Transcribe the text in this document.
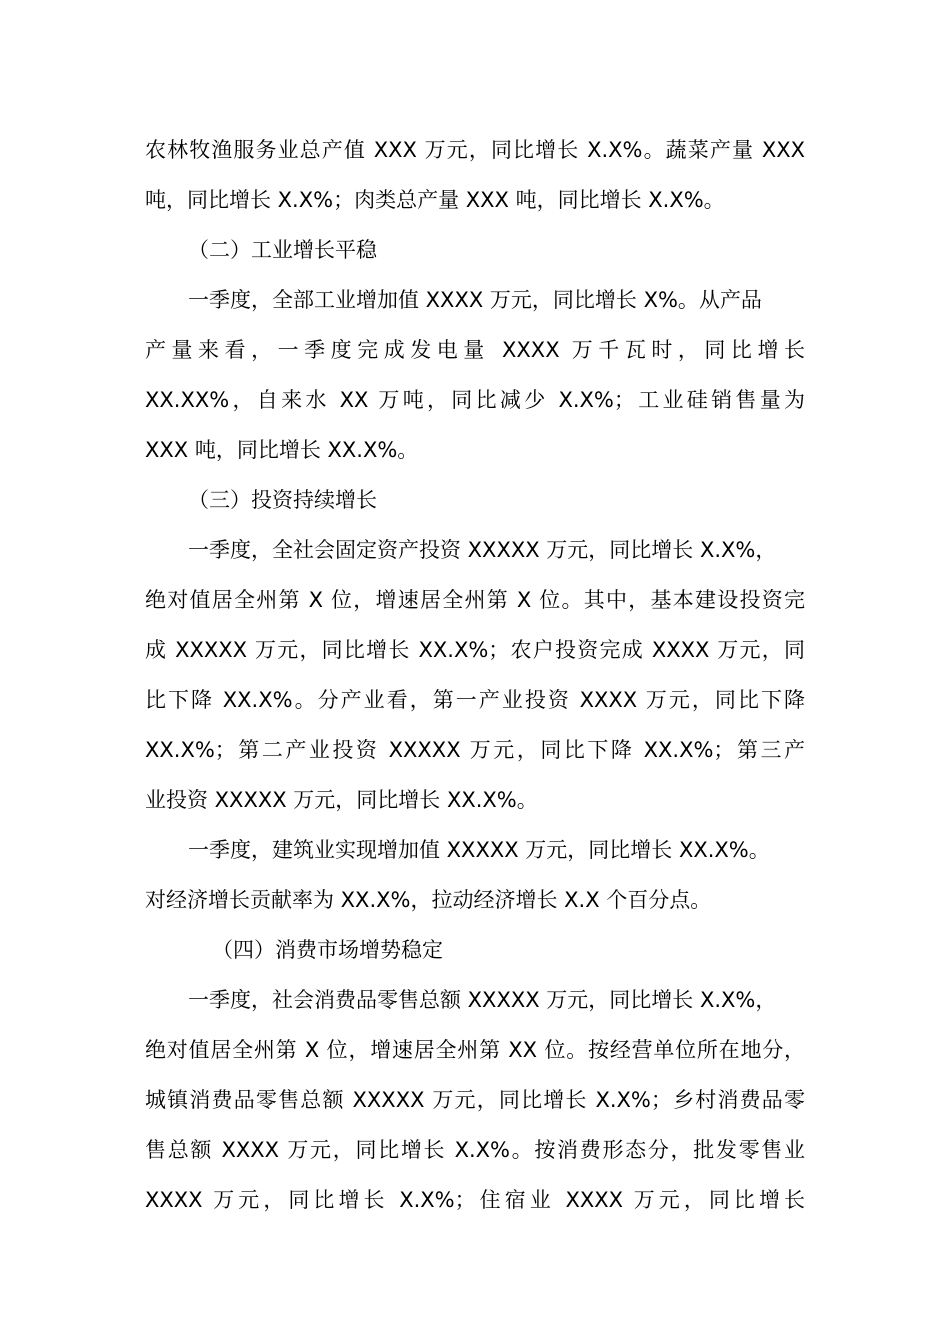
农林牧渔服务业总产值 XXX 万元，同比增长 X.X%。蔬菜产量 XXX

吨，同比增长 X.X%；肉类总产量 XXX 吨，同比增长 X.X%。

（二）工业增长平稳

一季度，全部工业增加值 XXXX 万元，同比增长 X%。从产品

产量来看，一季度完成发电量 XXXX 万千瓦时，同比增长

XX.XX%，自来水 XX 万吨，同比减少 X.X%；工业硅销售量为

XXX 吨，同比增长 XX.X%。

（三）投资持续增长

一季度，全社会固定资产投资 XXXXX 万元，同比增长 X.X%，

绝对值居全州第 X 位，增速居全州第 X 位。其中，基本建设投资完

成 XXXXX 万元，同比增长 XX.X%；农户投资完成 XXXX 万元，同

比下降 XX.X%。分产业看，第一产业投资 XXXX 万元，同比下降

XX.X%；第二产业投资 XXXXX 万元，同比下降 XX.X%；第三产

业投资 XXXXX 万元，同比增长 XX.X%。

一季度，建筑业实现增加值 XXXXX 万元，同比增长 XX.X%。

对经济增长贡献率为 XX.X%，拉动经济增长 X.X 个百分点。

（四）消费市场增势稳定

一季度，社会消费品零售总额 XXXXX 万元，同比增长 X.X%，

绝对值居全州第 X 位，增速居全州第 XX 位。按经营单位所在地分，

城镇消费品零售总额 XXXXX 万元，同比增长 X.X%；乡村消费品零

售总额 XXXX 万元，同比增长 X.X%。按消费形态分，批发零售业

XXXX 万元，同比增长 X.X%；住宿业 XXXX 万元，同比增长
